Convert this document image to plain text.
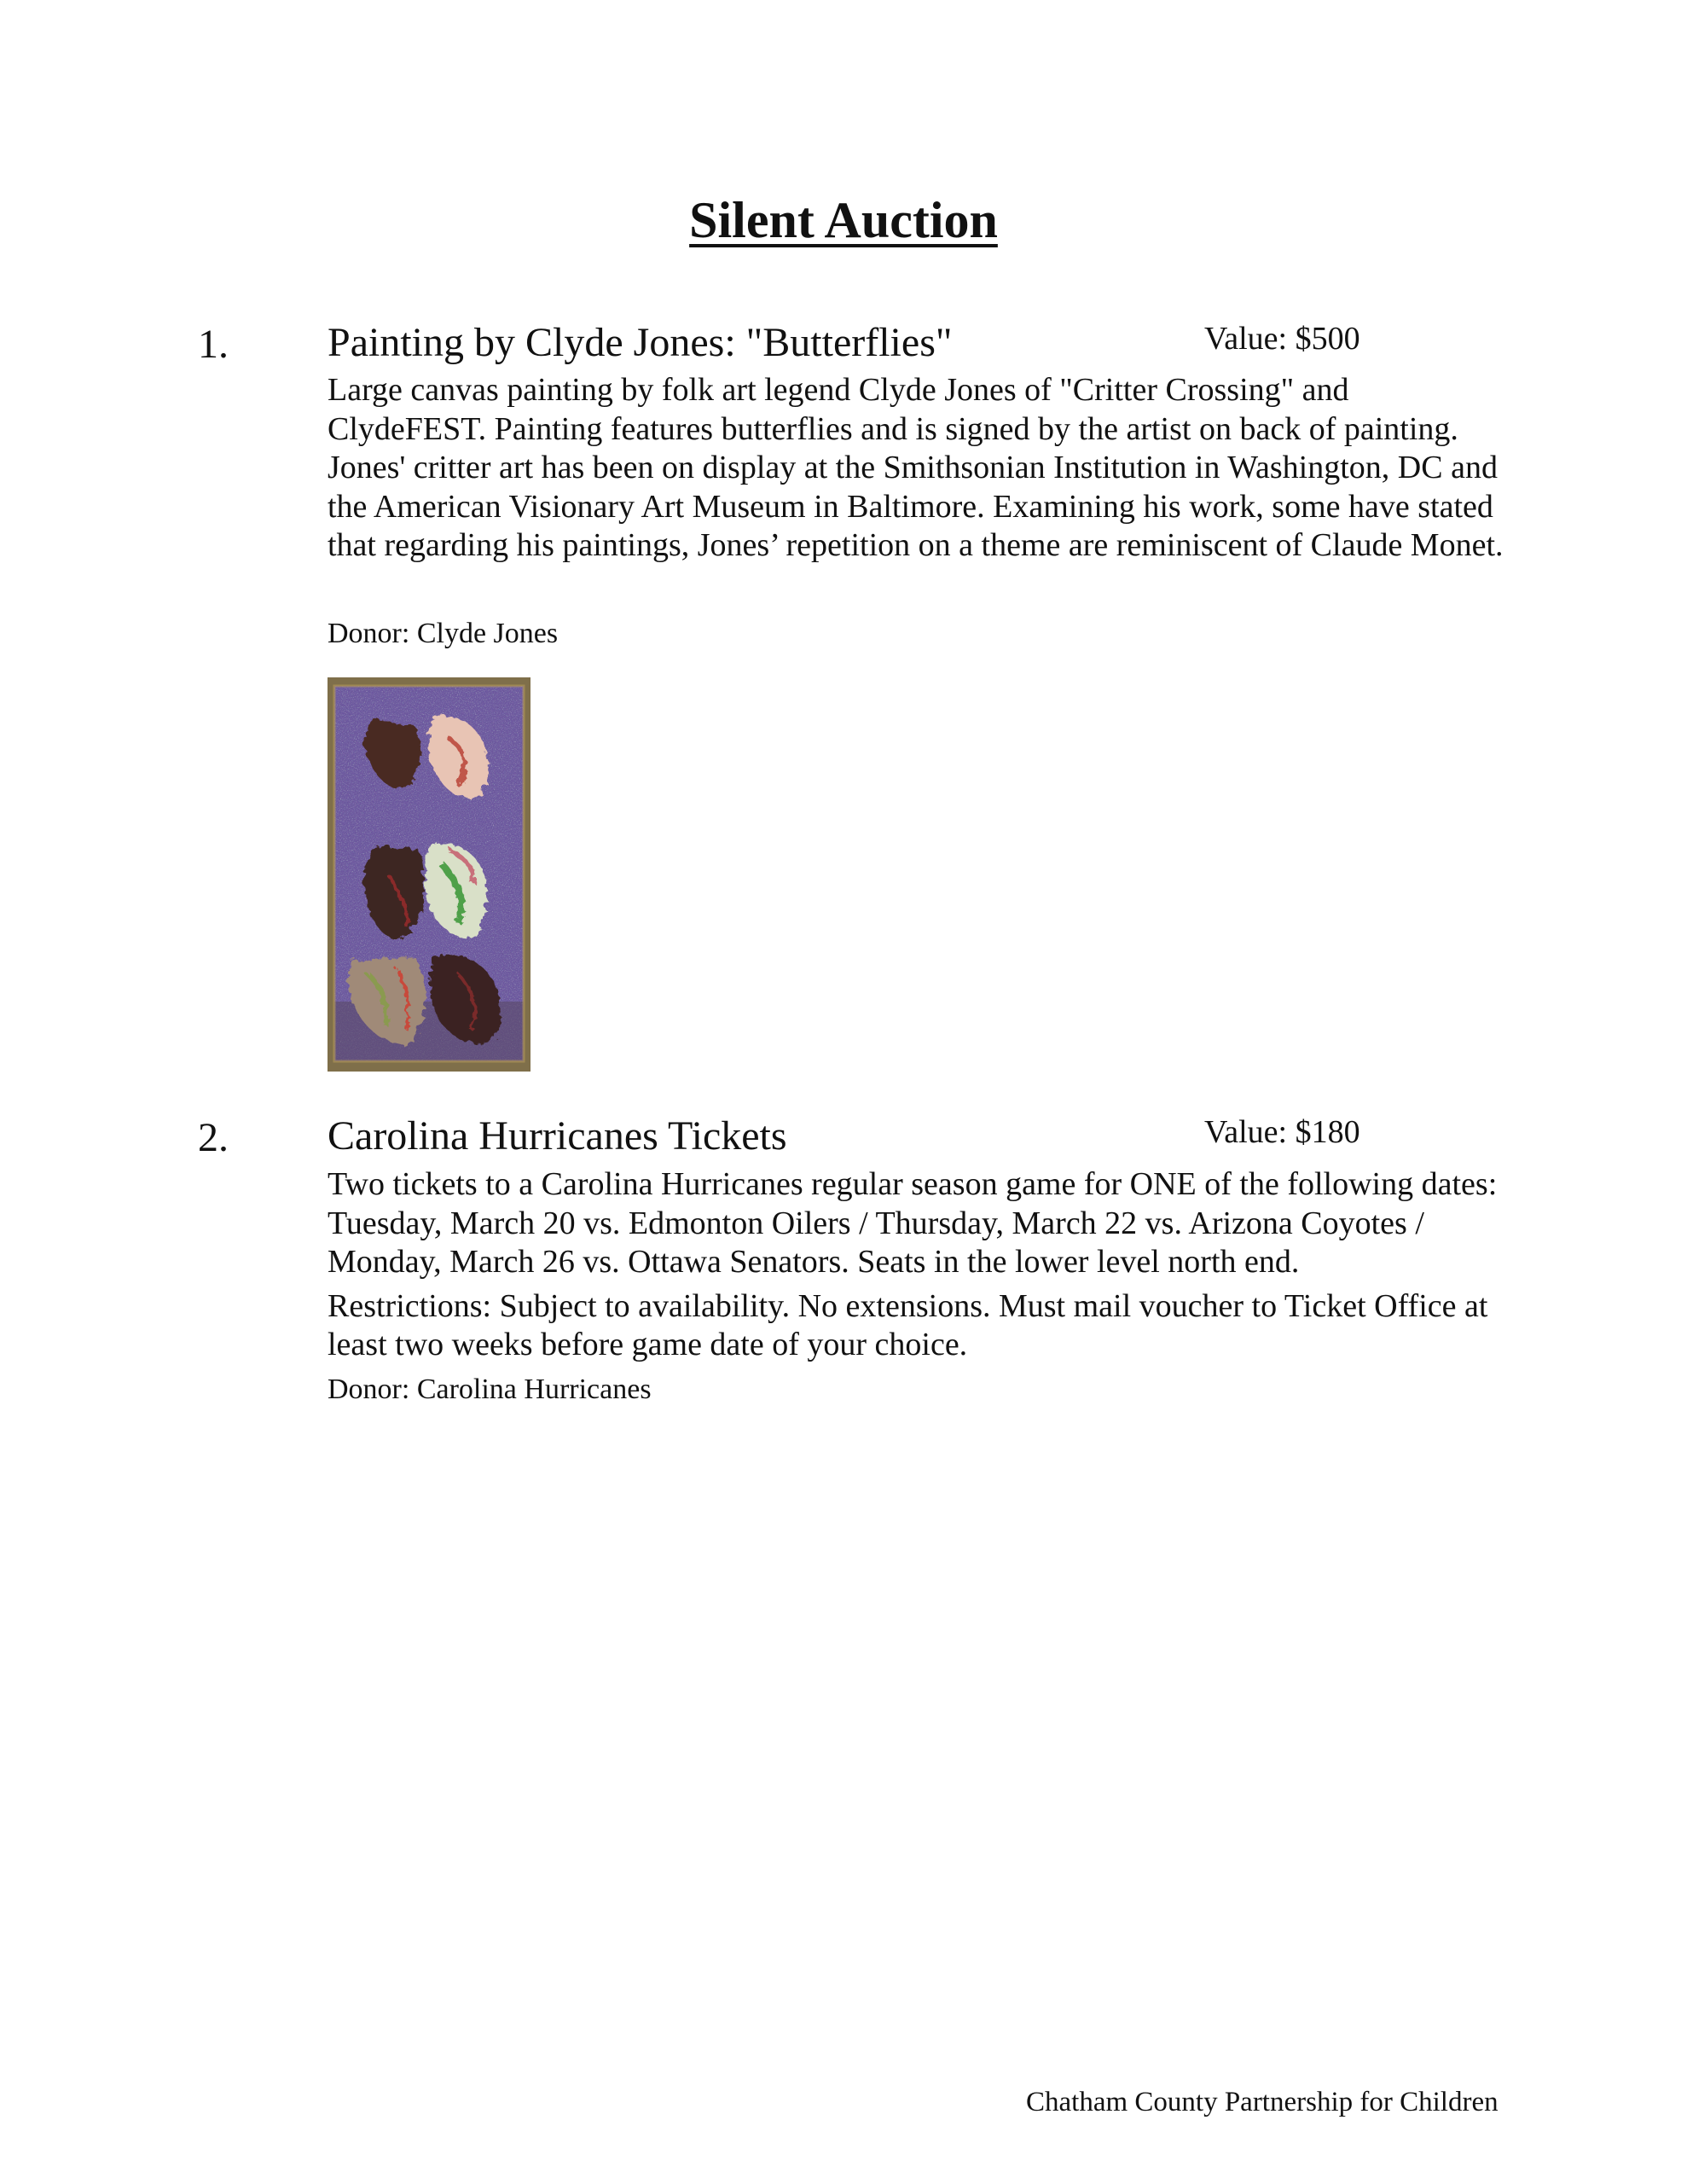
Silent Auction
1. Painting by Clyde Jones: "Butterflies"	Value: $500

Large canvas painting by folk art legend Clyde Jones of "Critter Crossing" and ClydeFEST. Painting features butterflies and is signed by the artist on back of painting. Jones' critter art has been on display at the Smithsonian Institution in Washington, DC and the American Visionary Art Museum in Baltimore. Examining his work, some have stated that regarding his paintings, Jones’ repetition on a theme are reminiscent of Claude Monet.

Donor: Clyde Jones
2. Carolina Hurricanes Tickets	Value: $180

Two tickets to a Carolina Hurricanes regular season game for ONE of the following dates: Tuesday, March 20 vs. Edmonton Oilers / Thursday, March 22 vs. Arizona Coyotes / Monday, March 26 vs. Ottawa Senators. Seats in the lower level north end.

Restrictions: Subject to availability. No extensions. Must mail voucher to Ticket Office at least two weeks before game date of your choice.

Donor: Carolina Hurricanes
Chatham County Partnership for Children
